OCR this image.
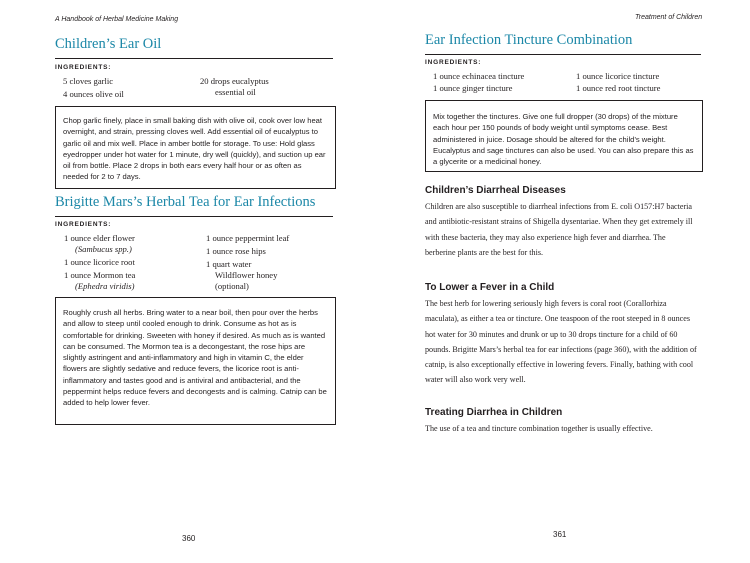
A Handbook of Herbal Medicine Making
Children’s Ear Oil
INGREDIENTS:
5 cloves garlic
4 ounces olive oil
20 drops eucalyptus
essential oil

Chop garlic finely, place in small baking dish with olive oil, cook over low heat overnight, and strain, pressing cloves well. Add essential oil of eucalyptus to garlic oil and mix well. Place in amber bottle for storage. To use: Hold glass eyedropper under hot water for 1 minute, dry well (quickly), and suction up ear oil from bottle. Place 2 drops in both ears every half hour or as often as needed for 2 to 7 days.

Brigitte Mars’s Herbal Tea for Ear Infections
INGREDIENTS:
1 ounce elder flower
(Sambucus spp.)
1 ounce licorice root
1 ounce Mormon tea
(Ephedra viridis)
1 ounce peppermint leaf
1 ounce rose hips
1 quart water
Wildflower honey
(optional)

Roughly crush all herbs. Bring water to a near boil, then pour over the herbs and allow to steep until cooled enough to drink. Consume as hot as is comfortable for drinking. Sweeten with honey if desired. As much as is wanted can be consumed. The Mormon tea is a decongestant, the rose hips are slightly astringent and anti-inflammatory and high in vitamin C, the elder flowers are slightly sedative and reduce fevers, the licorice root is anti-inflammatory and tastes good and is antiviral and antibacterial, and the peppermint helps reduce fevers and decongests and is calming. Catnip can be added to help lower fever.

360
Treatment of Children
Ear Infection Tincture Combination
INGREDIENTS:
1 ounce echinacea tincture
1 ounce ginger tincture
1 ounce licorice tincture
1 ounce red root tincture

Mix together the tinctures. Give one full dropper (30 drops) of the mixture each hour per 150 pounds of body weight until symptoms cease. Best administered in juice. Dosage should be altered for the child’s weight. Eucalyptus and sage tinctures can also be used. You can also prepare this as a glycerite or a medicinal honey.

Children’s Diarrheal Diseases

Children are also susceptible to diarrheal infections from E. coli O157:H7 bacteria and antibiotic-resistant strains of Shigella dysentariae. When they get extremely ill with these bacteria, they may also experience high fever and diarrhea. The berberine plants are the best for this.

To Lower a Fever in a Child

The best herb for lowering seriously high fevers is coral root (Corallorhiza maculata), as either a tea or tincture. One teaspoon of the root steeped in 8 ounces hot water for 30 minutes and drunk or up to 30 drops tincture for a child of 60 pounds. Brigitte Mars’s herbal tea for ear infections (page 360), with the addition of catnip, is also exceptionally effective in lowering fevers. Finally, bathing with cool water will also work very well.

Treating Diarrhea in Children

The use of a tea and tincture combination together is usually effective.

361
